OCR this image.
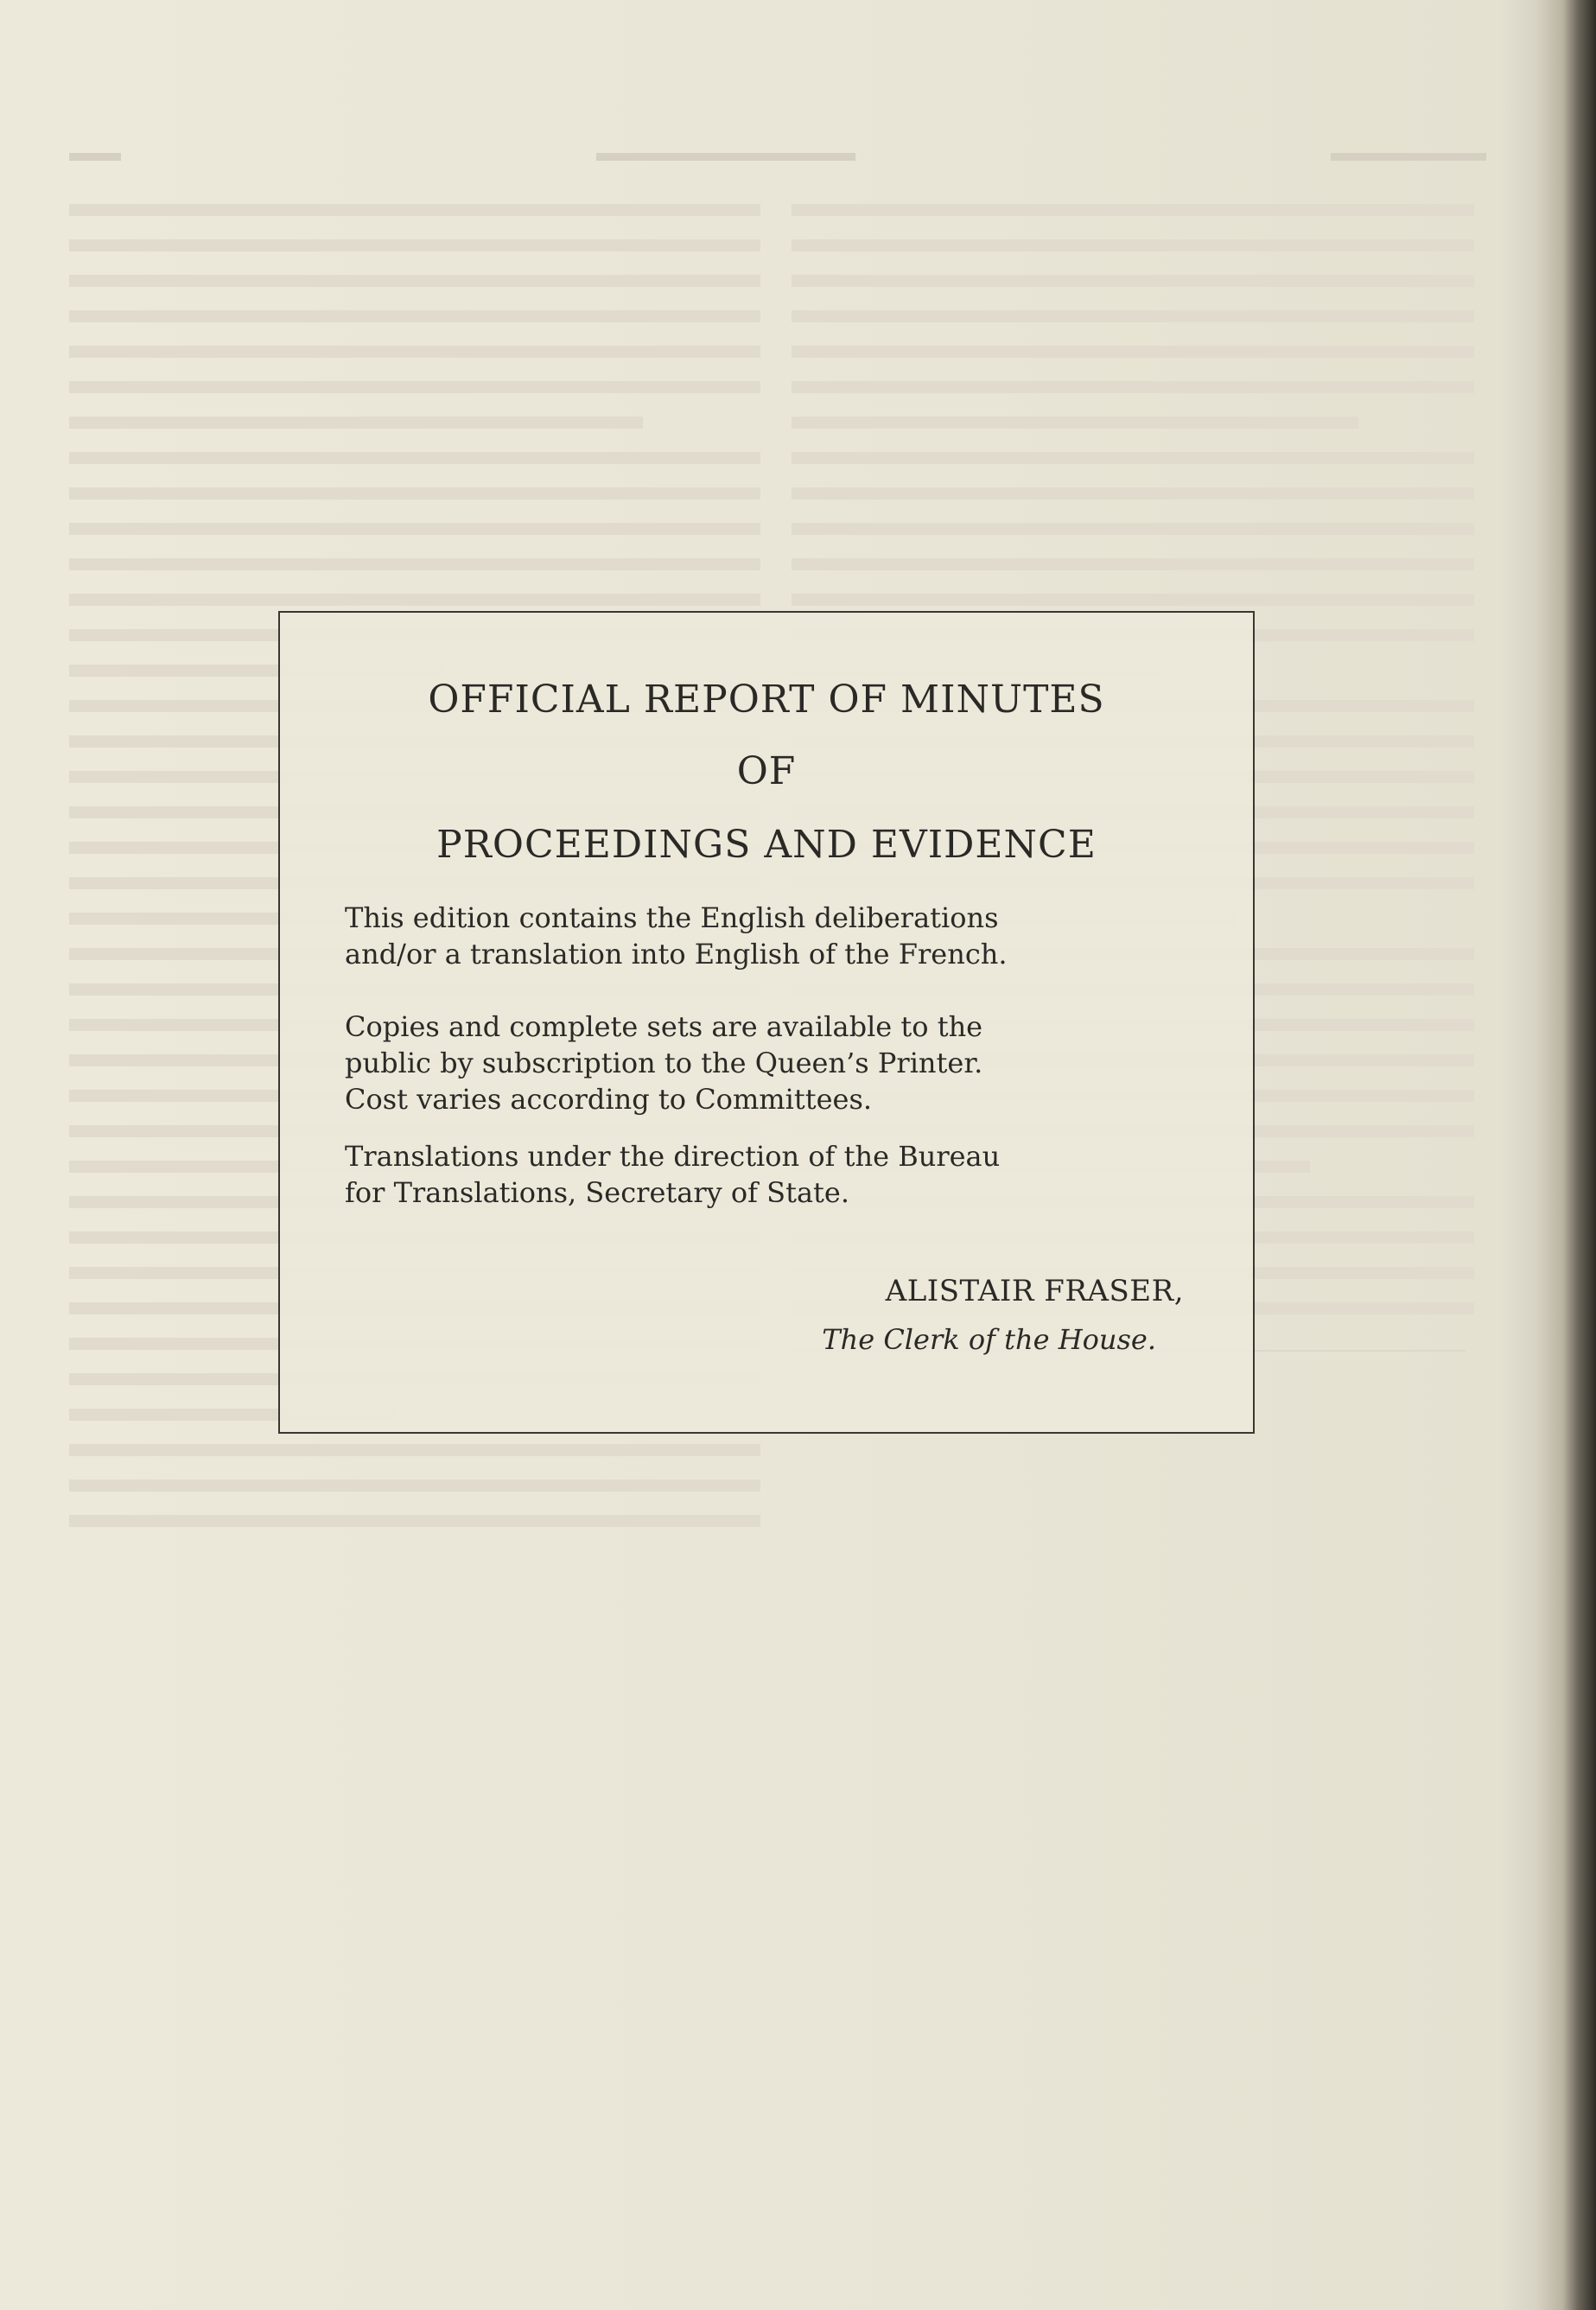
▬▬	▬▬▬▬▬▬▬▬▬▬	▬▬▬▬▬▬
OFFICIAL REPORT OF MINUTES
OF
PROCEEDINGS AND EVIDENCE
This edition contains the English deliberations
and/or a translation into English of the French.
Copies and complete sets are available to the
public by subscription to the Queen’s Printer.
Cost varies according to Committees.
Translations under the direction of the Bureau
for Translations, Secretary of State.
ALISTAIR FRASER,
The Clerk of the House.
